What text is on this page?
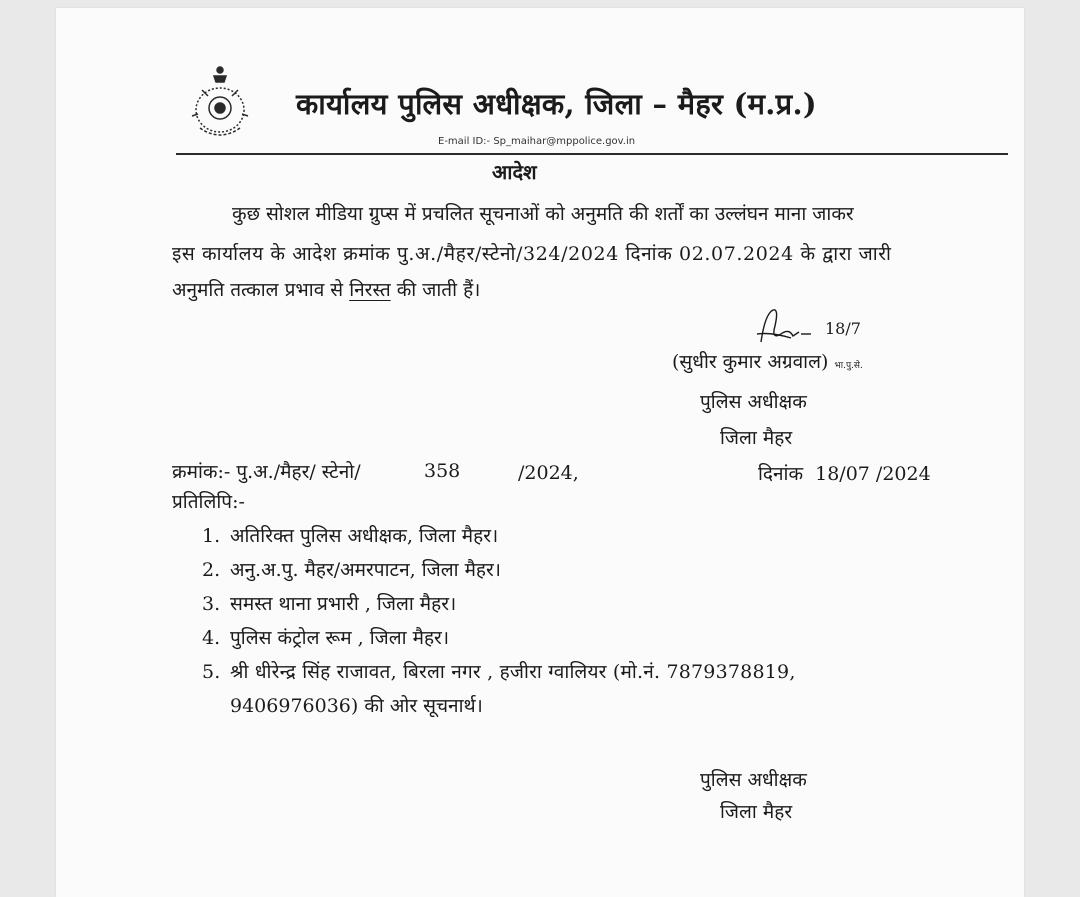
कार्यालय पुलिस अधीक्षक, जिला – मैहर (म.प्र.)
E-mail ID:- Sp_maihar@mppolice.gov.in
आदेश
कुछ सोशल मीडिया ग्रुप्स में प्रचलित सूचनाओं को अनुमति की शर्तों का उल्लंघन माना जाकर
इस कार्यालय के आदेश क्रमांक पु.अ./मैहर/स्टेनो/324/2024 दिनांक 02.07.2024 के द्वारा जारी
अनुमति तत्काल प्रभाव से निरस्त की जाती हैं।
18/7
(सुधीर कुमार अग्रवाल) भा.पु.से.
पुलिस अधीक्षक
जिला मैहर
क्रमांक:- पु.अ./मैहर/ स्टेनो/	358	/2024,	दिनांक 18/07 /2024
प्रतिलिपि:-
1. अतिरिक्त पुलिस अधीक्षक, जिला मैहर।
2. अनु.अ.पु. मैहर/अमरपाटन, जिला मैहर।
3. समस्त थाना प्रभारी , जिला मैहर।
4. पुलिस कंट्रोल रूम , जिला मैहर।
5. श्री धीरेन्द्र सिंह राजावत, बिरला नगर , हजीरा ग्वालियर (मो.नं. 7879378819,
9406976036) की ओर सूचनार्थ।
पुलिस अधीक्षक
जिला मैहर
